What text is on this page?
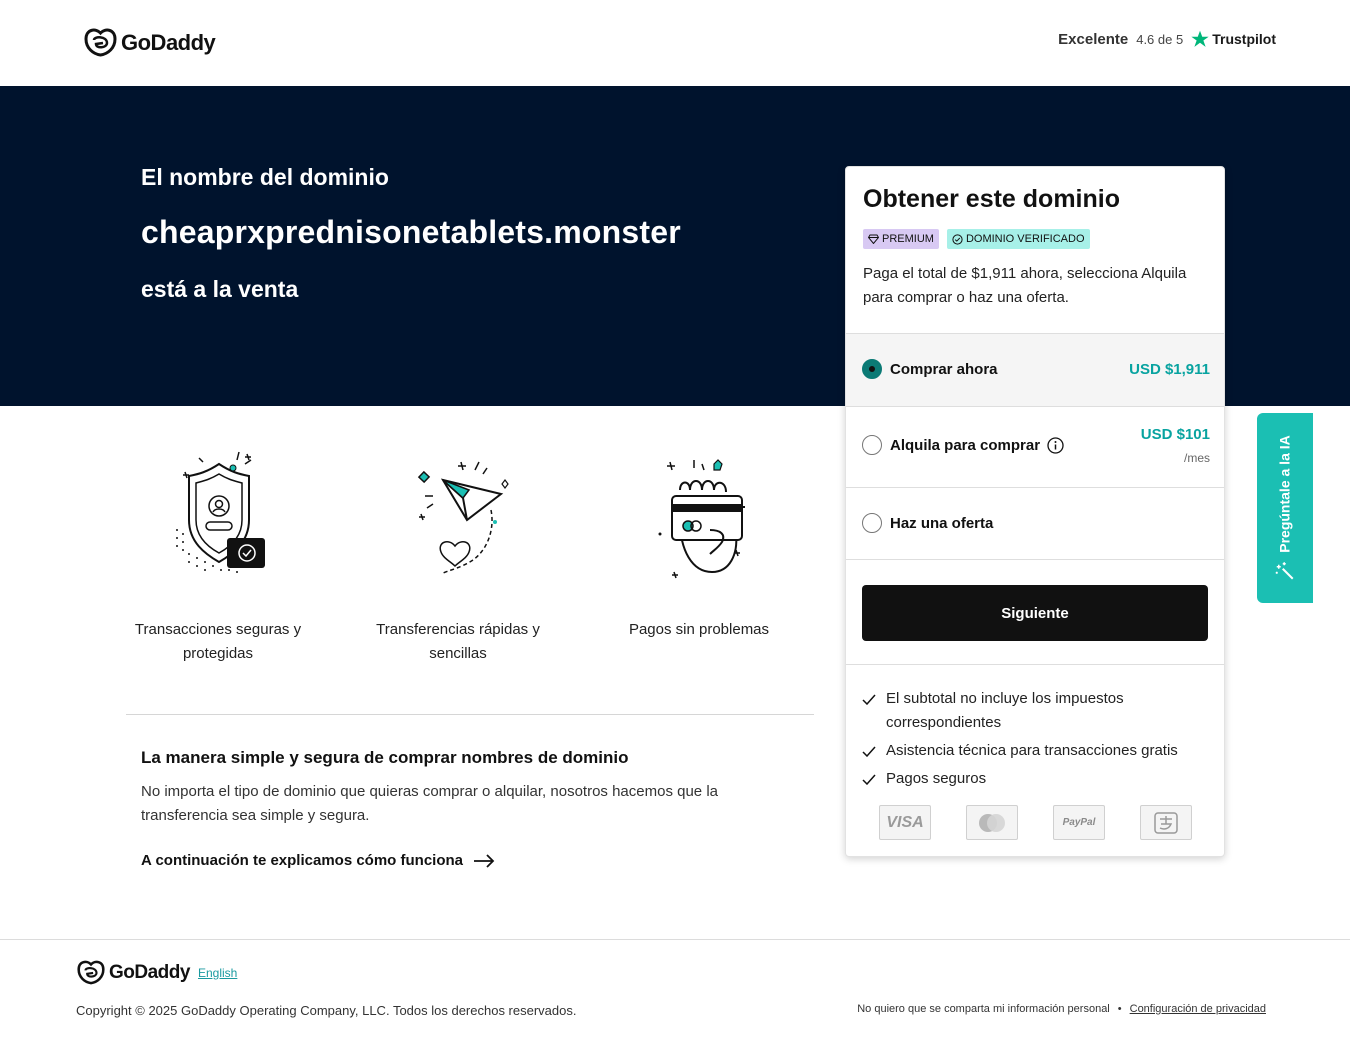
GoDaddy	Excelente 4.6 de 5 Trustpilot
El nombre del dominio
cheaprxprednisonetablets.monster
está a la venta
Transacciones seguras y protegidas
Transferencias rápidas y sencillas
Pagos sin problemas
La manera simple y segura de comprar nombres de dominio
No importa el tipo de dominio que quieras comprar o alquilar, nosotros hacemos que la transferencia sea simple y segura.
A continuación te explicamos cómo funciona
Obtener este dominio
PREMIUM	DOMINIO VERIFICADO
Paga el total de $1,911 ahora, selecciona Alquila para comprar o haz una oferta.
Comprar ahora	USD $1,911
Alquila para comprar
USD $101
/mes
Haz una oferta
Siguiente
El subtotal no incluye los impuestos correspondientes
Asistencia técnica para transacciones gratis
Pagos seguros
VISA	PayPal
Pregúntale a la IA
GoDaddy English
Copyright © 2025 GoDaddy Operating Company, LLC. Todos los derechos reservados.	No quiero que se comparta mi información personal • Configuración de privacidad
